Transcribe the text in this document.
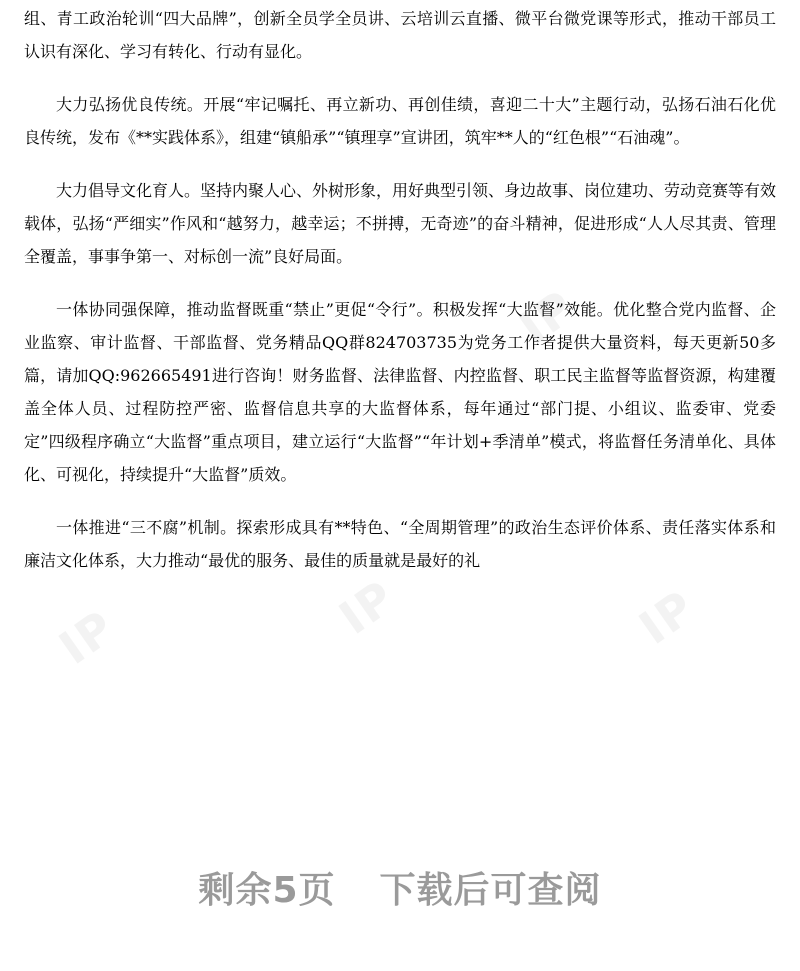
IP
IP	IP
IP

组、青工政治轮训“四大品牌”，创新全员学全员讲、云培训云直播、微平台微党课等形式，推动干部员工认识有深化、学习有转化、行动有显化。

大力弘扬优良传统。开展“牢记嘱托、再立新功、再创佳绩，喜迎二十大”主题行动，弘扬石油石化优良传统，发布《**实践体系》，组建“镇船承”“镇理享”宣讲团，筑牢**人的“红色根”“石油魂”。

大力倡导文化育人。坚持内聚人心、外树形象，用好典型引领、身边故事、岗位建功、劳动竞赛等有效载体，弘扬“严细实”作风和“越努力，越幸运；不拼搏，无奇迹”的奋斗精神，促进形成“人人尽其责、管理全覆盖，事事争第一、对标创一流”良好局面。

一体协同强保障，推动监督既重“禁止”更促“令行”。积极发挥“大监督”效能。优化整合党内监督、企业监察、审计监督、干部监督、党务精品QQ群824703735为党务工作者提供大量资料，每天更新50多篇，请加QQ:962665491进行咨询！财务监督、法律监督、内控监督、职工民主监督等监督资源，构建覆盖全体人员、过程防控严密、监督信息共享的大监督体系，每年通过“部门提、小组议、监委审、党委定”四级程序确立“大监督”重点项目，建立运行“大监督”“年计划+季清单”模式，将监督任务清单化、具体化、可视化，持续提升“大监督”质效。

一体推进“三不腐”机制。探索形成具有**特色、“全周期管理”的政治生态评价体系、责任落实体系和廉洁文化体系，大力推动“最优的服务、最佳的质量就是最好的礼

剩余5页 下载后可查阅
